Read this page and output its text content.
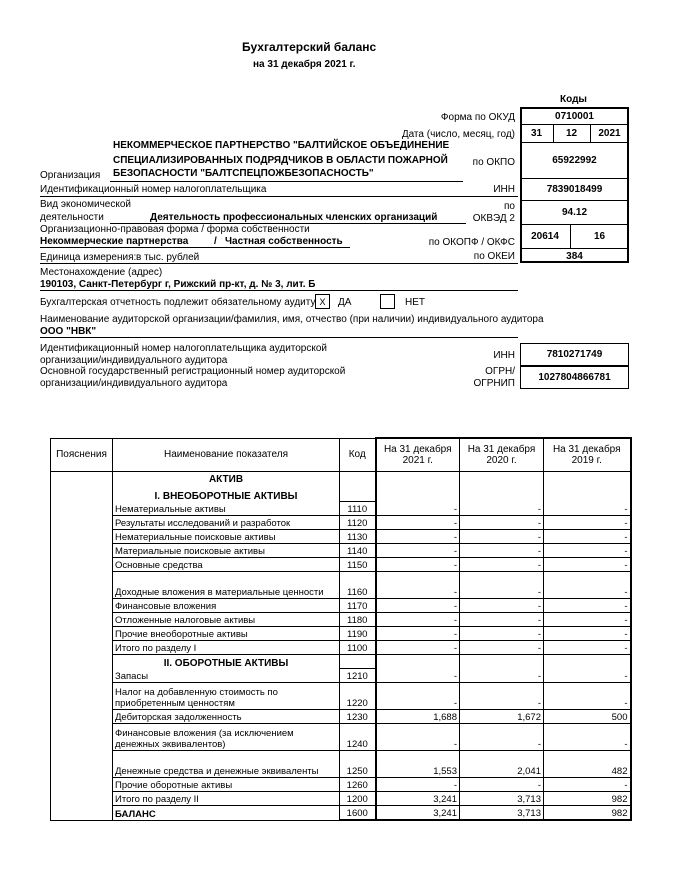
Бухгалтерский баланс
на 31 декабря 2021 г.
Коды
Форма по ОКУД	0710001
Дата (число, месяц, год)	31	12	2021
по ОКПО	65922992
ИНН	7839018499
по
ОКВЭД 2
94.12
по ОКОПФ / ОКФС
20614	16
по ОКЕИ	384
НЕКОММЕРЧЕСКОЕ ПАРТНЕРСТВО "БАЛТИЙСКОЕ ОБЪЕДИНЕНИЕ
СПЕЦИАЛИЗИРОВАННЫХ ПОДРЯДЧИКОВ В ОБЛАСТИ ПОЖАРНОЙ
БЕЗОПАСНОСТИ "БАЛТСПЕЦПОЖБЕЗОПАСНОСТЬ"
Организация
Идентификационный номер налогоплательщика
Вид экономической
деятельности	Деятельность профессиональных членских организаций
Организационно-правовая форма / форма собственности
Некоммерческие партнерства	/ Частная собственность
Единица измерения: в тыс. рублей
Местонахождение (адрес)
190103, Санкт-Петербург г, Рижский пр-кт, д. № 3, лит. Б
Бухгалтерская отчетность подлежит обязательному аудиту X	ДА	НЕТ
Наименование аудиторской организации/фамилия, имя, отчество (при наличии) индивидуального аудитора
ООО "НВК"
Идентификационный номер налогоплательщика аудиторской
организации/индивидуального аудитора	ИНН	7810271749
Основной государственный регистрационный номер аудиторской
организации/индивидуального аудитора
ОГРН/
ОГРНИП
1027804866781
Пояснения	Наименование показателя	Код	На 31 декабря 2021 г.	На 31 декабря 2020 г.	На 31 декабря 2019 г.
	АКТИВ				
	I. ВНЕОБОРОТНЫЕ АКТИВЫ				
	Нематериальные активы	1110	-	-	-
	Результаты исследований и разработок	1120	-	-	-
	Нематериальные поисковые активы	1130	-	-	-
	Материальные поисковые активы	1140	-	-	-
	Основные средства	1150	-	-	-
	Доходные вложения в материальные ценности	1160	-	-	-
	Финансовые вложения	1170	-	-	-
	Отложенные налоговые активы	1180	-	-	-
	Прочие внеоборотные активы	1190	-	-	-
	Итого по разделу I	1100	-	-	-
	II. ОБОРОТНЫЕ АКТИВЫ				
	Запасы	1210	-	-	-
	Налог на добавленную стоимость по приобретенным ценностям	1220	-	-	-
	Дебиторская задолженность	1230	1,688	1,672	500
	Финансовые вложения (за исключением денежных эквивалентов)	1240	-	-	-
	Денежные средства и денежные эквиваленты	1250	1,553	2,041	482
	Прочие оборотные активы	1260	-	-	-
	Итого по разделу II	1200	3,241	3,713	982
	БАЛАНС	1600	3,241	3,713	982
